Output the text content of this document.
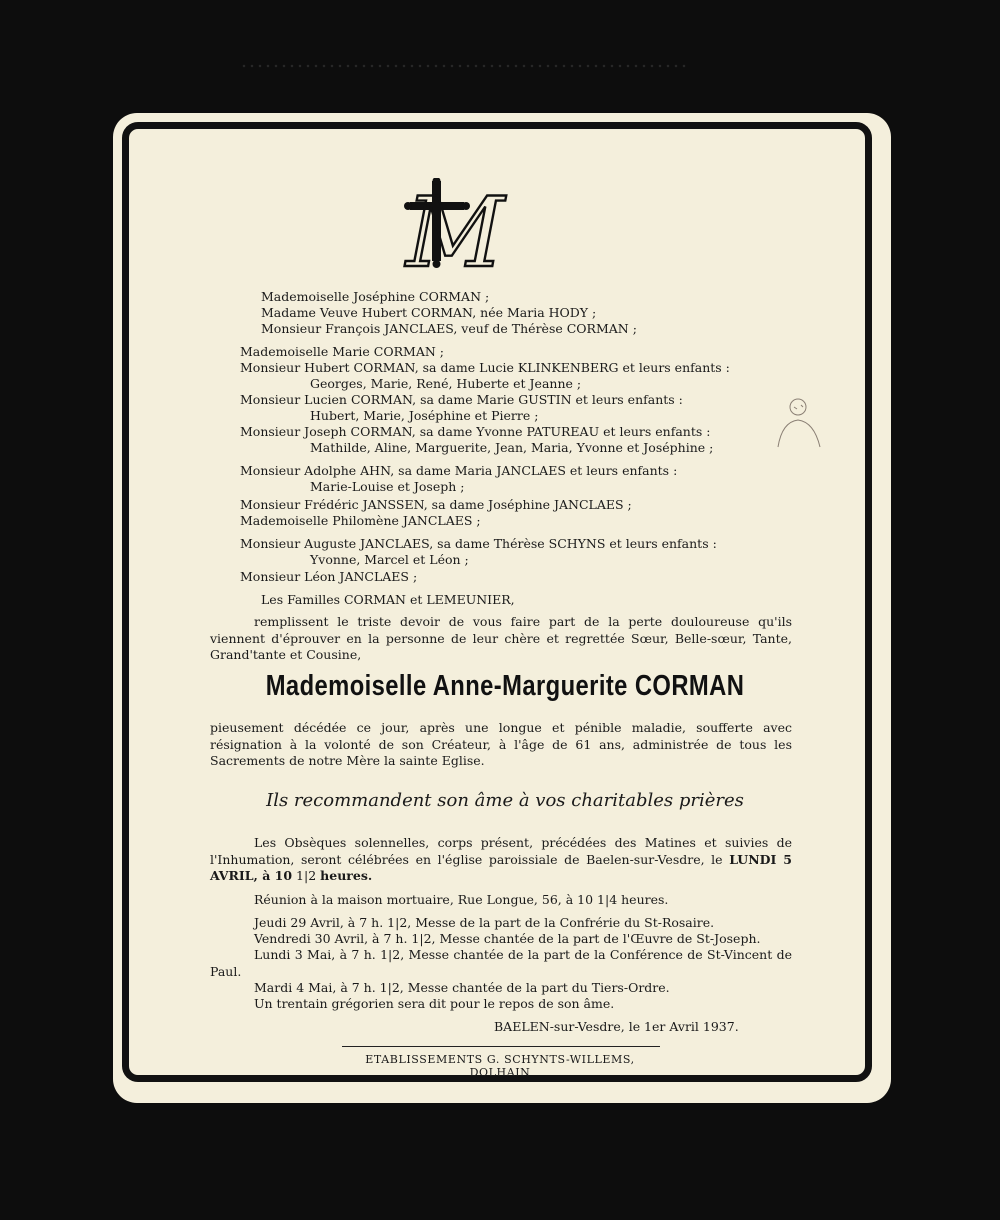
M
Mademoiselle Joséphine CORMAN ;
Madame Veuve Hubert CORMAN, née Maria HODY ;
Monsieur François JANCLAES, veuf de Thérèse CORMAN ;
Mademoiselle Marie CORMAN ;
Monsieur Hubert CORMAN, sa dame Lucie KLINKENBERG et leurs enfants :
Georges, Marie, René, Huberte et Jeanne ;
Monsieur Lucien CORMAN, sa dame Marie GUSTIN et leurs enfants :
Hubert, Marie, Joséphine et Pierre ;
Monsieur Joseph CORMAN, sa dame Yvonne PATUREAU et leurs enfants :
Mathilde, Aline, Marguerite, Jean, Maria, Yvonne et Joséphine ;
Monsieur Adolphe AHN, sa dame Maria JANCLAES et leurs enfants :
Marie-Louise et Joseph ;
Monsieur Frédéric JANSSEN, sa dame Joséphine JANCLAES ;
Mademoiselle Philomène JANCLAES ;
Monsieur Auguste JANCLAES, sa dame Thérèse SCHYNS et leurs enfants :
Yvonne, Marcel et Léon ;
Monsieur Léon JANCLAES ;
Les Familles CORMAN et LEMEUNIER,
remplissent le triste devoir de vous faire part de la perte douloureuse qu'ils viennent d'éprouver en la personne de leur chère et regrettée Sœur, Belle-sœur, Tante, Grand'tante et Cousine,
Mademoiselle Anne-Marguerite CORMAN
pieusement décédée ce jour, après une longue et pénible maladie, soufferte avec résignation à la volonté de son Créateur, à l'âge de 61 ans, administrée de tous les Sacrements de notre Mère la sainte Eglise.
Ils recommandent son âme à vos charitables prières
Les Obsèques solennelles, corps présent, précédées des Matines et suivies de l'Inhumation, seront célébrées en l'église paroissiale de Baelen-sur-Vesdre, le LUNDI 5 AVRIL, à 10 1|2 heures.
Réunion à la maison mortuaire, Rue Longue, 56, à 10 1|4 heures.
Jeudi 29 Avril, à 7 h. 1|2, Messe de la part de la Confrérie du St-Rosaire.
Vendredi 30 Avril, à 7 h. 1|2, Messe chantée de la part de l'Œuvre de St-Joseph.
Lundi 3 Mai, à 7 h. 1|2, Messe chantée de la part de la Conférence de St-Vincent de Paul.
Mardi 4 Mai, à 7 h. 1|2, Messe chantée de la part du Tiers-Ordre.
Un trentain grégorien sera dit pour le repos de son âme.
BAELEN-sur-Vesdre, le 1er Avril 1937.
ETABLISSEMENTS G. SCHYNTS-WILLEMS, DOLHAIN
